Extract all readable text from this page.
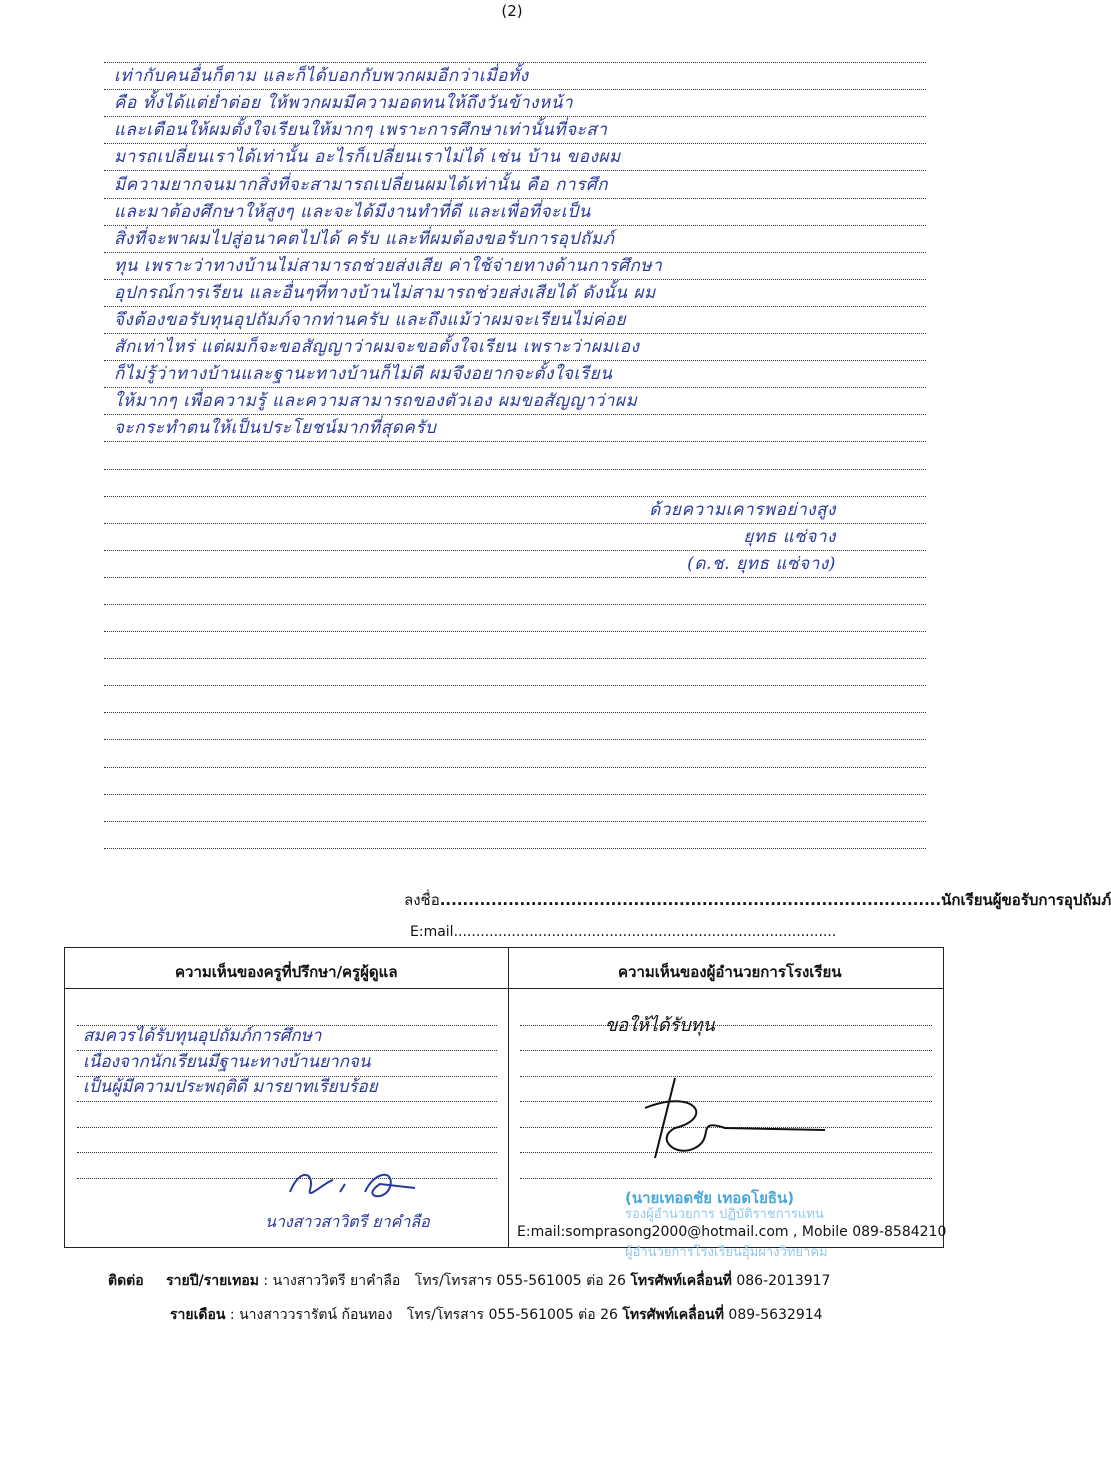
(2)
เท่ากับคนอื่นก็ตาม และก็ได้บอกกับพวกผมอีกว่าเมื่อทั้ง
คือ ทั้งได้แต่ย่ำต่อย ให้พวกผมมีความอดทนให้ถึงวันข้างหน้า
และเตือนให้ผมตั้งใจเรียนให้มากๆ เพราะการศึกษาเท่านั้นที่จะสา
มารถเปลี่ยนเราได้เท่านั้น อะไรก็เปลี่ยนเราไม่ได้ เช่น บ้าน ของผม
มีความยากจนมากสิ่งที่จะสามารถเปลี่ยนผมได้เท่านั้น คือ การศึก
และมาต้องศึกษาให้สูงๆ และจะได้มีงานทำที่ดี และเพื่อที่จะเป็น
สิ่งที่จะพาผมไปสู่อนาคตไปได้ ครับ และที่ผมต้องขอรับการอุปถัมภ์
ทุน เพราะว่าทางบ้านไม่สามารถช่วยส่งเสีย ค่าใช้จ่ายทางด้านการศึกษา
อุปกรณ์การเรียน และอื่นๆที่ทางบ้านไม่สามารถช่วยส่งเสียได้ ดังนั้น ผม
จึงต้องขอรับทุนอุปถัมภ์จากท่านครับ และถึงแม้ว่าผมจะเรียนไม่ค่อย
สักเท่าไหร่ แต่ผมก็จะขอสัญญาว่าผมจะขอตั้งใจเรียน เพราะว่าผมเอง
ก็ไม่รู้ว่าทางบ้านและฐานะทางบ้านก็ไม่ดี ผมจึงอยากจะตั้งใจเรียน
ให้มากๆ เพื่อความรู้ และความสามารถของตัวเอง ผมขอสัญญาว่าผม
จะกระทำตนให้เป็นประโยชน์มากที่สุดครับ
ด้วยความเคารพอย่างสูง
ยุทธ แซ่จาง
(ด.ช. ยุทธ แซ่จาง)
ลงชื่อ........................................................................................นักเรียนผู้ขอรับการอุปถัมภ์
E:mail......................................................................................
ความเห็นของครูที่ปรึกษา/ครูผู้ดูแล	ความเห็นของผู้อำนวยการโรงเรียน
สมควรได้รับทุนอุปถัมภ์การศึกษา
เนื่องจากนักเรียนมีฐานะทางบ้านยากจน
เป็นผู้มีความประพฤติดี มารยาทเรียบร้อย
นางสาวสาวิตรี ยาคำลือ
ขอให้ได้รับทุน
(นายเทอดชัย เทอดโยธิน)
รองผู้อำนวยการ ปฏิบัติราชการแทน
E:mail:somprasong2000@hotmail.com , Mobile 089-8584210
ผู้อำนวยการโรงเรียนอุ้มผางวิทยาคม
ติดต่อ รายปี/รายเทอม : นางสาววิตรี ยาคำลือ โทร/โทรสาร 055-561005 ต่อ 26 โทรศัพท์เคลื่อนที่ 086-2013917
รายเดือน : นางสาววรารัตน์ ก้อนทอง โทร/โทรสาร 055-561005 ต่อ 26 โทรศัพท์เคลื่อนที่ 089-5632914
